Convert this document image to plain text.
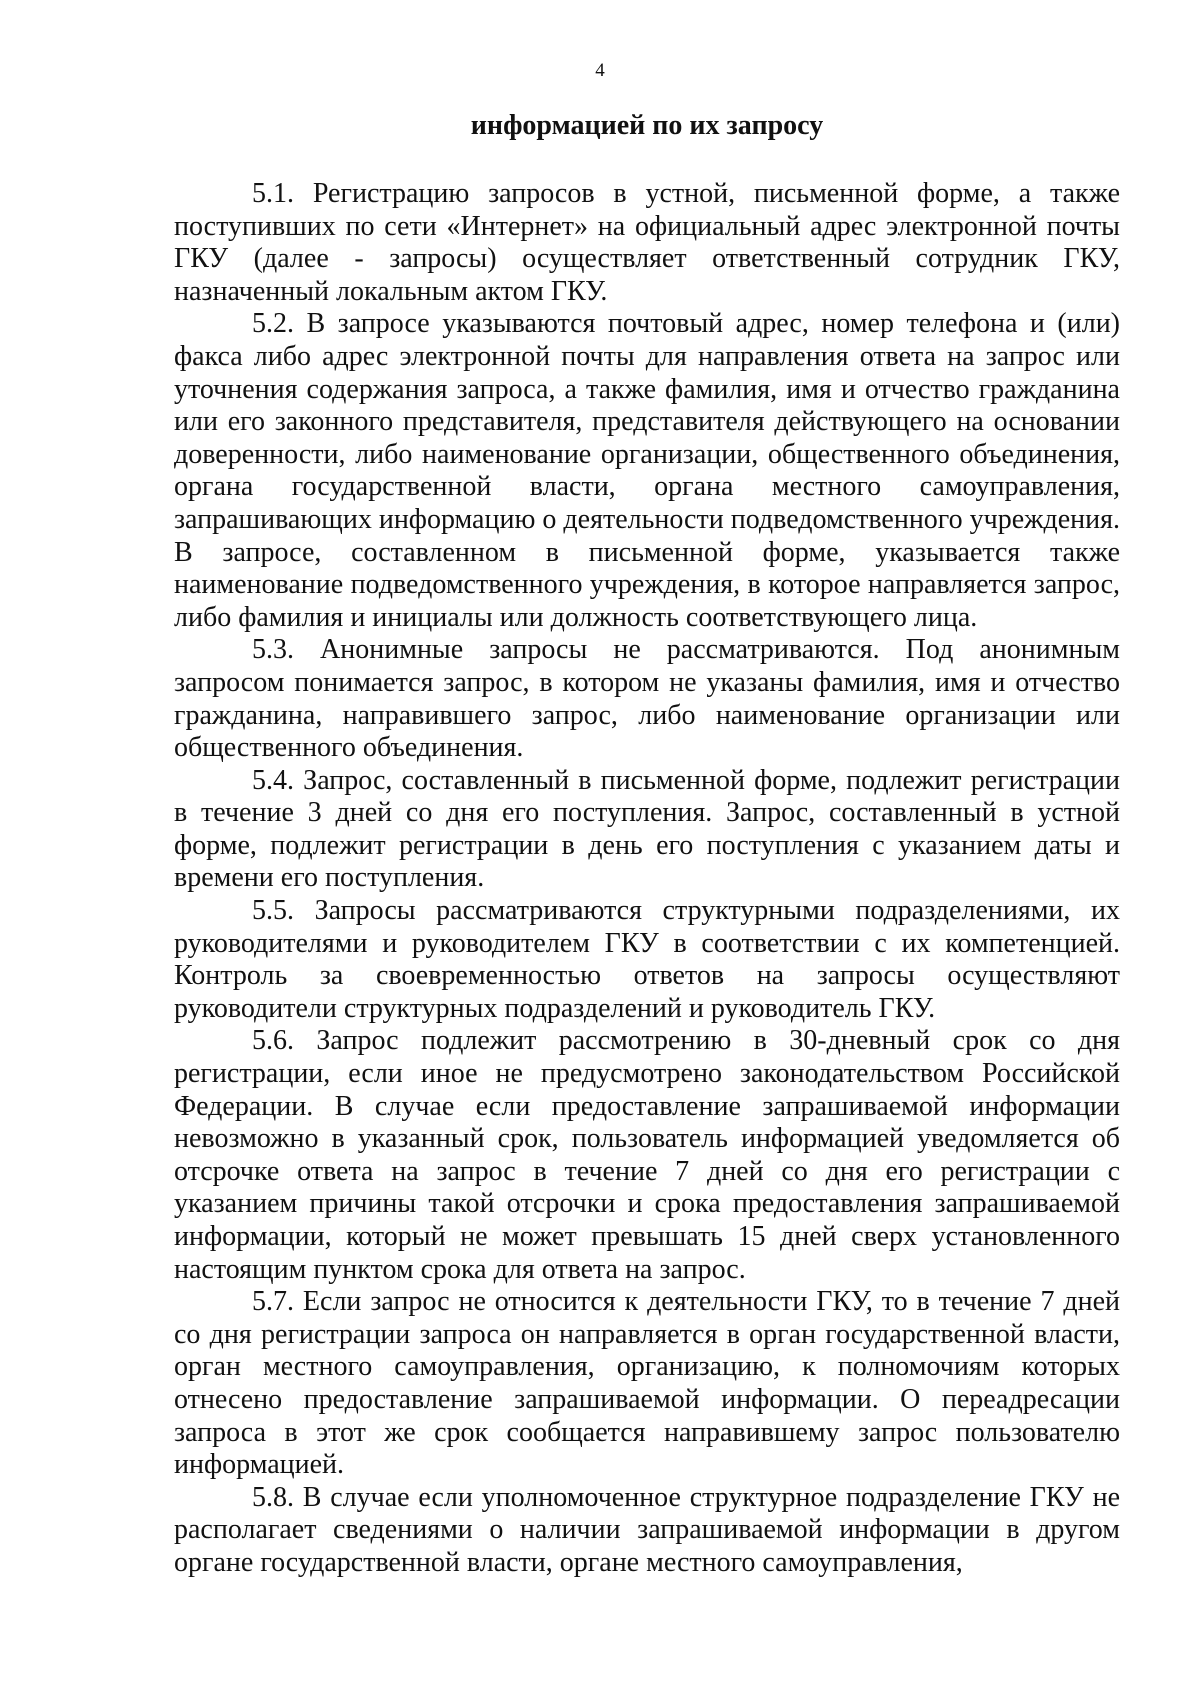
4
информацией по их запросу

5.1. Регистрацию запросов в устной, письменной форме, а также поступивших по сети «Интернет» на официальный адрес электронной почты ГКУ (далее - запросы) осуществляет ответственный сотрудник ГКУ, назначенный локальным актом ГКУ.

5.2. В запросе указываются почтовый адрес, номер телефона и (или) факса либо адрес электронной почты для направления ответа на запрос или уточнения содержания запроса, а также фамилия, имя и отчество гражданина или его законного представителя, представителя действующего на основании доверенности, либо наименование организации, общественного объединения, органа государственной власти, органа местного самоуправления, запрашивающих информацию о деятельности подведомственного учреждения. В запросе, составленном в письменной форме, указывается также наименование подведомственного учреждения, в которое направляется запрос, либо фамилия и инициалы или должность соответствующего лица.

5.3. Анонимные запросы не рассматриваются. Под анонимным запросом понимается запрос, в котором не указаны фамилия, имя и отчество гражданина, направившего запрос, либо наименование организации или общественного объединения.

5.4. Запрос, составленный в письменной форме, подлежит регистрации в течение 3 дней со дня его поступления. Запрос, составленный в устной форме, подлежит регистрации в день его поступления с указанием даты и времени его поступления.

5.5. Запросы рассматриваются структурными подразделениями, их руководителями и руководителем ГКУ в соответствии с их компетенцией. Контроль за своевременностью ответов на запросы осуществляют руководители структурных подразделений и руководитель ГКУ.

5.6. Запрос подлежит рассмотрению в 30-дневный срок со дня регистрации, если иное не предусмотрено законодательством Российской Федерации. В случае если предоставление запрашиваемой информации невозможно в указанный срок, пользователь информацией уведомляется об отсрочке ответа на запрос в течение 7 дней со дня его регистрации с указанием причины такой отсрочки и срока предоставления запрашиваемой информации, который не может превышать 15 дней сверх установленного настоящим пунктом срока для ответа на запрос.

5.7. Если запрос не относится к деятельности ГКУ, то в течение 7 дней со дня регистрации запроса он направляется в орган государственной власти, орган местного самоуправления, организацию, к полномочиям которых отнесено предоставление запрашиваемой информации. О переадресации запроса в этот же срок сообщается направившему запрос пользователю информацией.

5.8. В случае если уполномоченное структурное подразделение ГКУ не располагает сведениями о наличии запрашиваемой информации в другом органе государственной власти, органе местного самоуправления,
